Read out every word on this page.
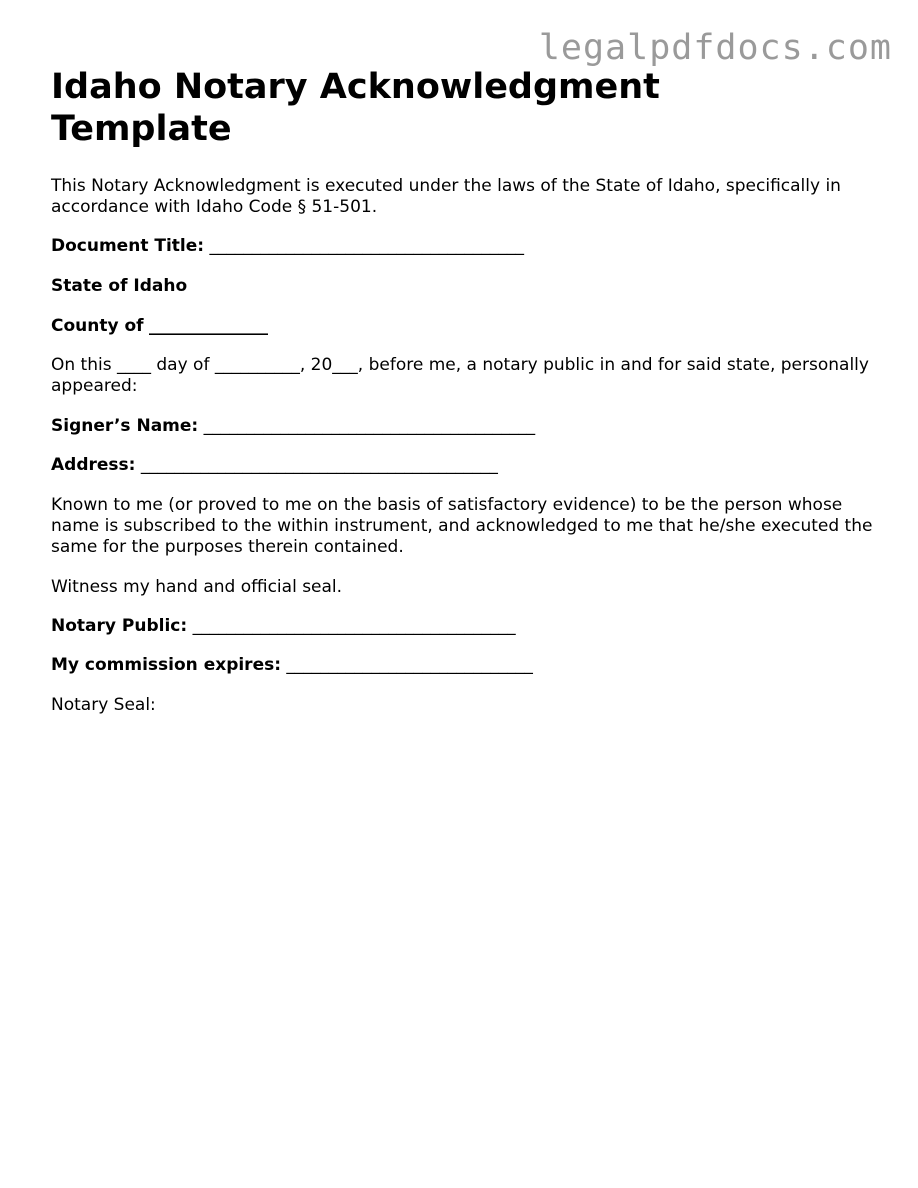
legalpdfdocs.com
Idaho Notary Acknowledgment
Template

This Notary Acknowledgment is executed under the laws of the State of Idaho, specifically in accordance with Idaho Code § 51-501.

Document Title: _____________________________________
State of Idaho
County of ______________
On this ____ day of __________, 20___, before me, a notary public in and for said state, personally appeared:
Signer’s Name: _______________________________________
Address: __________________________________________
Known to me (or proved to me on the basis of satisfactory evidence) to be the person whose name is subscribed to the within instrument, and acknowledged to me that he/she executed the same for the purposes therein contained.
Witness my hand and official seal.
Notary Public: ______________________________________
My commission expires: _____________________________
Notary Seal:
